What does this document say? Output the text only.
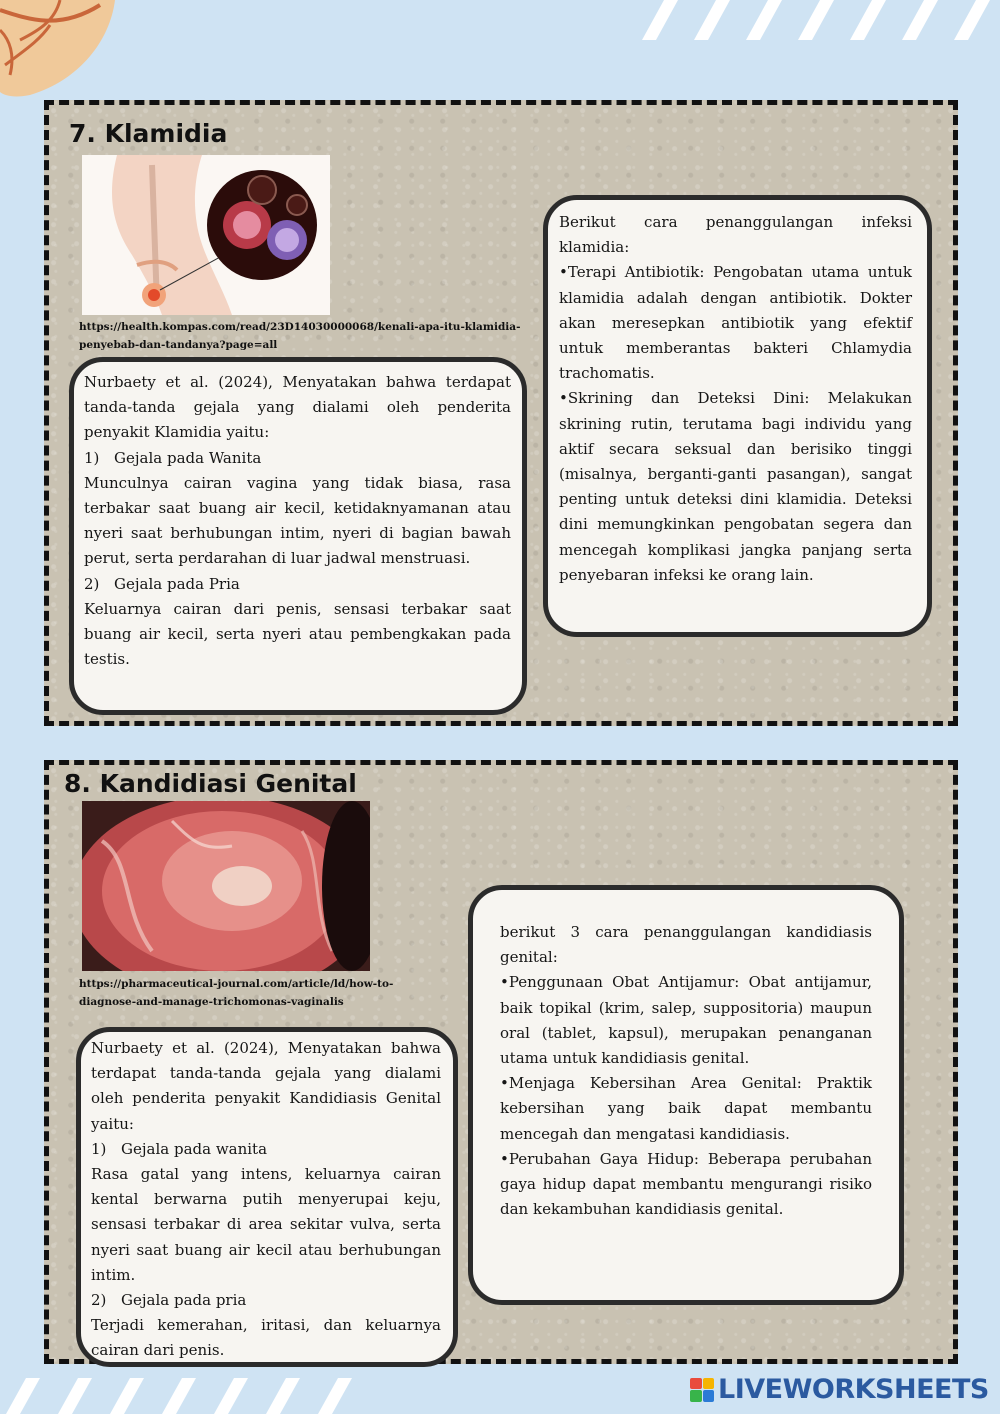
7. Klamidia
https://health.kompas.com/read/23D14030000068/kenali-apa-itu-klamidia-penyebab-dan-tandanya?page=all

Nurbaety et al. (2024), Menyatakan bahwa terdapat tanda-tanda gejala yang dialami oleh penderita penyakit Klamidia yaitu:

1) Gejala pada Wanita

Munculnya cairan vagina yang tidak biasa, rasa terbakar saat buang air kecil, ketidaknyamanan atau nyeri saat berhubungan intim, nyeri di bagian bawah perut, serta perdarahan di luar jadwal menstruasi.

2) Gejala pada Pria

Keluarnya cairan dari penis, sensasi terbakar saat buang air kecil, serta nyeri atau pembengkakan pada testis.

Berikut cara penanggulangan infeksi klamidia:

•Terapi Antibiotik: Pengobatan utama untuk klamidia adalah dengan antibiotik. Dokter akan meresepkan antibiotik yang efektif untuk memberantas bakteri Chlamydia trachomatis.

•Skrining dan Deteksi Dini: Melakukan skrining rutin, terutama bagi individu yang aktif secara seksual dan berisiko tinggi (misalnya, berganti-ganti pasangan), sangat penting untuk deteksi dini klamidia. Deteksi dini memungkinkan pengobatan segera dan mencegah komplikasi jangka panjang serta penyebaran infeksi ke orang lain.

8. Kandidiasi Genital
https://pharmaceutical-journal.com/article/ld/how-to-diagnose-and-manage-trichomonas-vaginalis

Nurbaety et al. (2024), Menyatakan bahwa terdapat tanda-tanda gejala yang dialami oleh penderita penyakit Kandidiasis Genital yaitu:

1) Gejala pada wanita

Rasa gatal yang intens, keluarnya cairan kental berwarna putih menyerupai keju, sensasi terbakar di area sekitar vulva, serta nyeri saat buang air kecil atau berhubungan intim.

2) Gejala pada pria

Terjadi kemerahan, iritasi, dan keluarnya cairan dari penis.

berikut 3 cara penanggulangan kandidiasis genital:

•Penggunaan Obat Antijamur: Obat antijamur, baik topikal (krim, salep, suppositoria) maupun oral (tablet, kapsul), merupakan penanganan utama untuk kandidiasis genital.

•Menjaga Kebersihan Area Genital: Praktik kebersihan yang baik dapat membantu mencegah dan mengatasi kandidiasis.

•Perubahan Gaya Hidup: Beberapa perubahan gaya hidup dapat membantu mengurangi risiko dan kekambuhan kandidiasis genital.

LIVEWORKSHEETS
